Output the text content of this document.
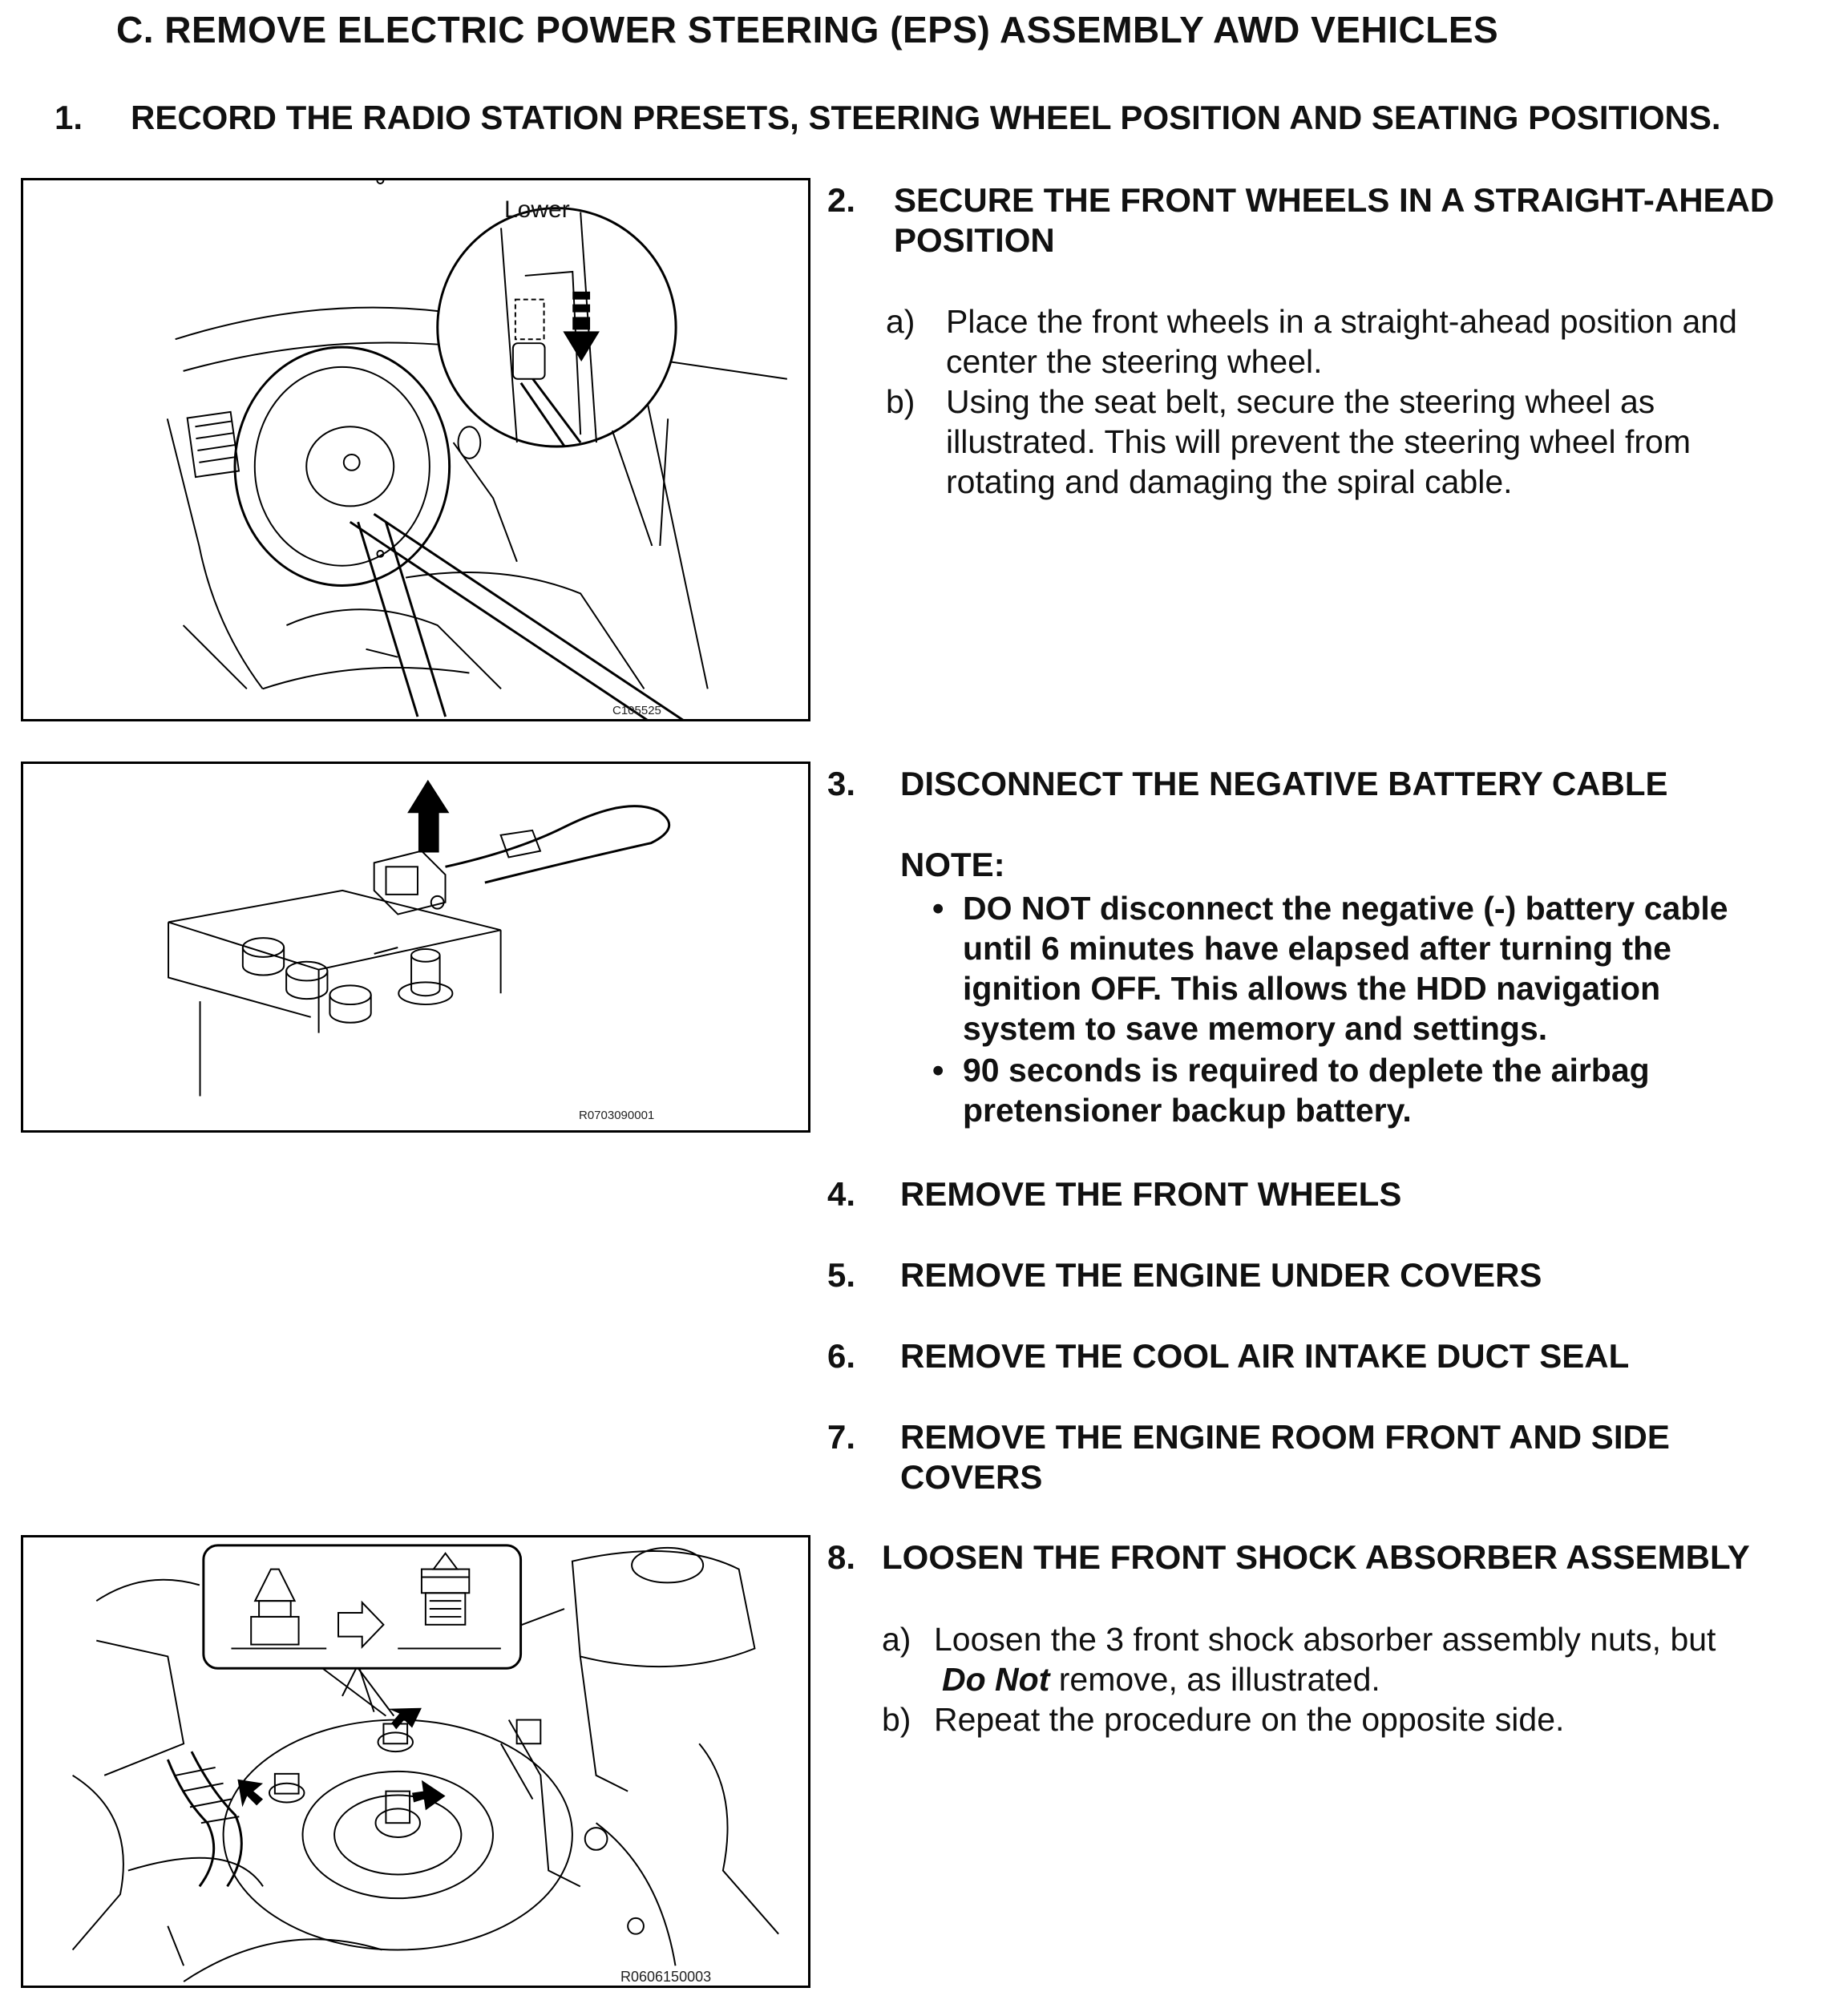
C. REMOVE ELECTRIC POWER STEERING (EPS) ASSEMBLY AWD VEHICLES
1. RECORD THE RADIO STATION PRESETS, STEERING WHEEL POSITION AND SEATING POSITIONS.
Lower
C105525
2. SECURE THE FRONT WHEELS IN A STRAIGHT-AHEAD
POSITION
a) Place the front wheels in a straight-ahead position and
center the steering wheel.
b) Using the seat belt, secure the steering wheel as
illustrated. This will prevent the steering wheel from
rotating and damaging the spiral cable.
R0703090001
3. DISCONNECT THE NEGATIVE BATTERY CABLE
NOTE:
• DO NOT disconnect the negative (-) battery cable
until 6 minutes have elapsed after turning the
ignition OFF. This allows the HDD navigation
system to save memory and settings.
• 90 seconds is required to deplete the airbag
pretensioner backup battery.
4. REMOVE THE FRONT WHEELS
5. REMOVE THE ENGINE UNDER COVERS
6. REMOVE THE COOL AIR INTAKE DUCT SEAL
7. REMOVE THE ENGINE ROOM FRONT AND SIDE
COVERS
R0606150003
8. LOOSEN THE FRONT SHOCK ABSORBER ASSEMBLY
a) Loosen the 3 front shock absorber assembly nuts, but
Do Not remove, as illustrated.
b) Repeat the procedure on the opposite side.
